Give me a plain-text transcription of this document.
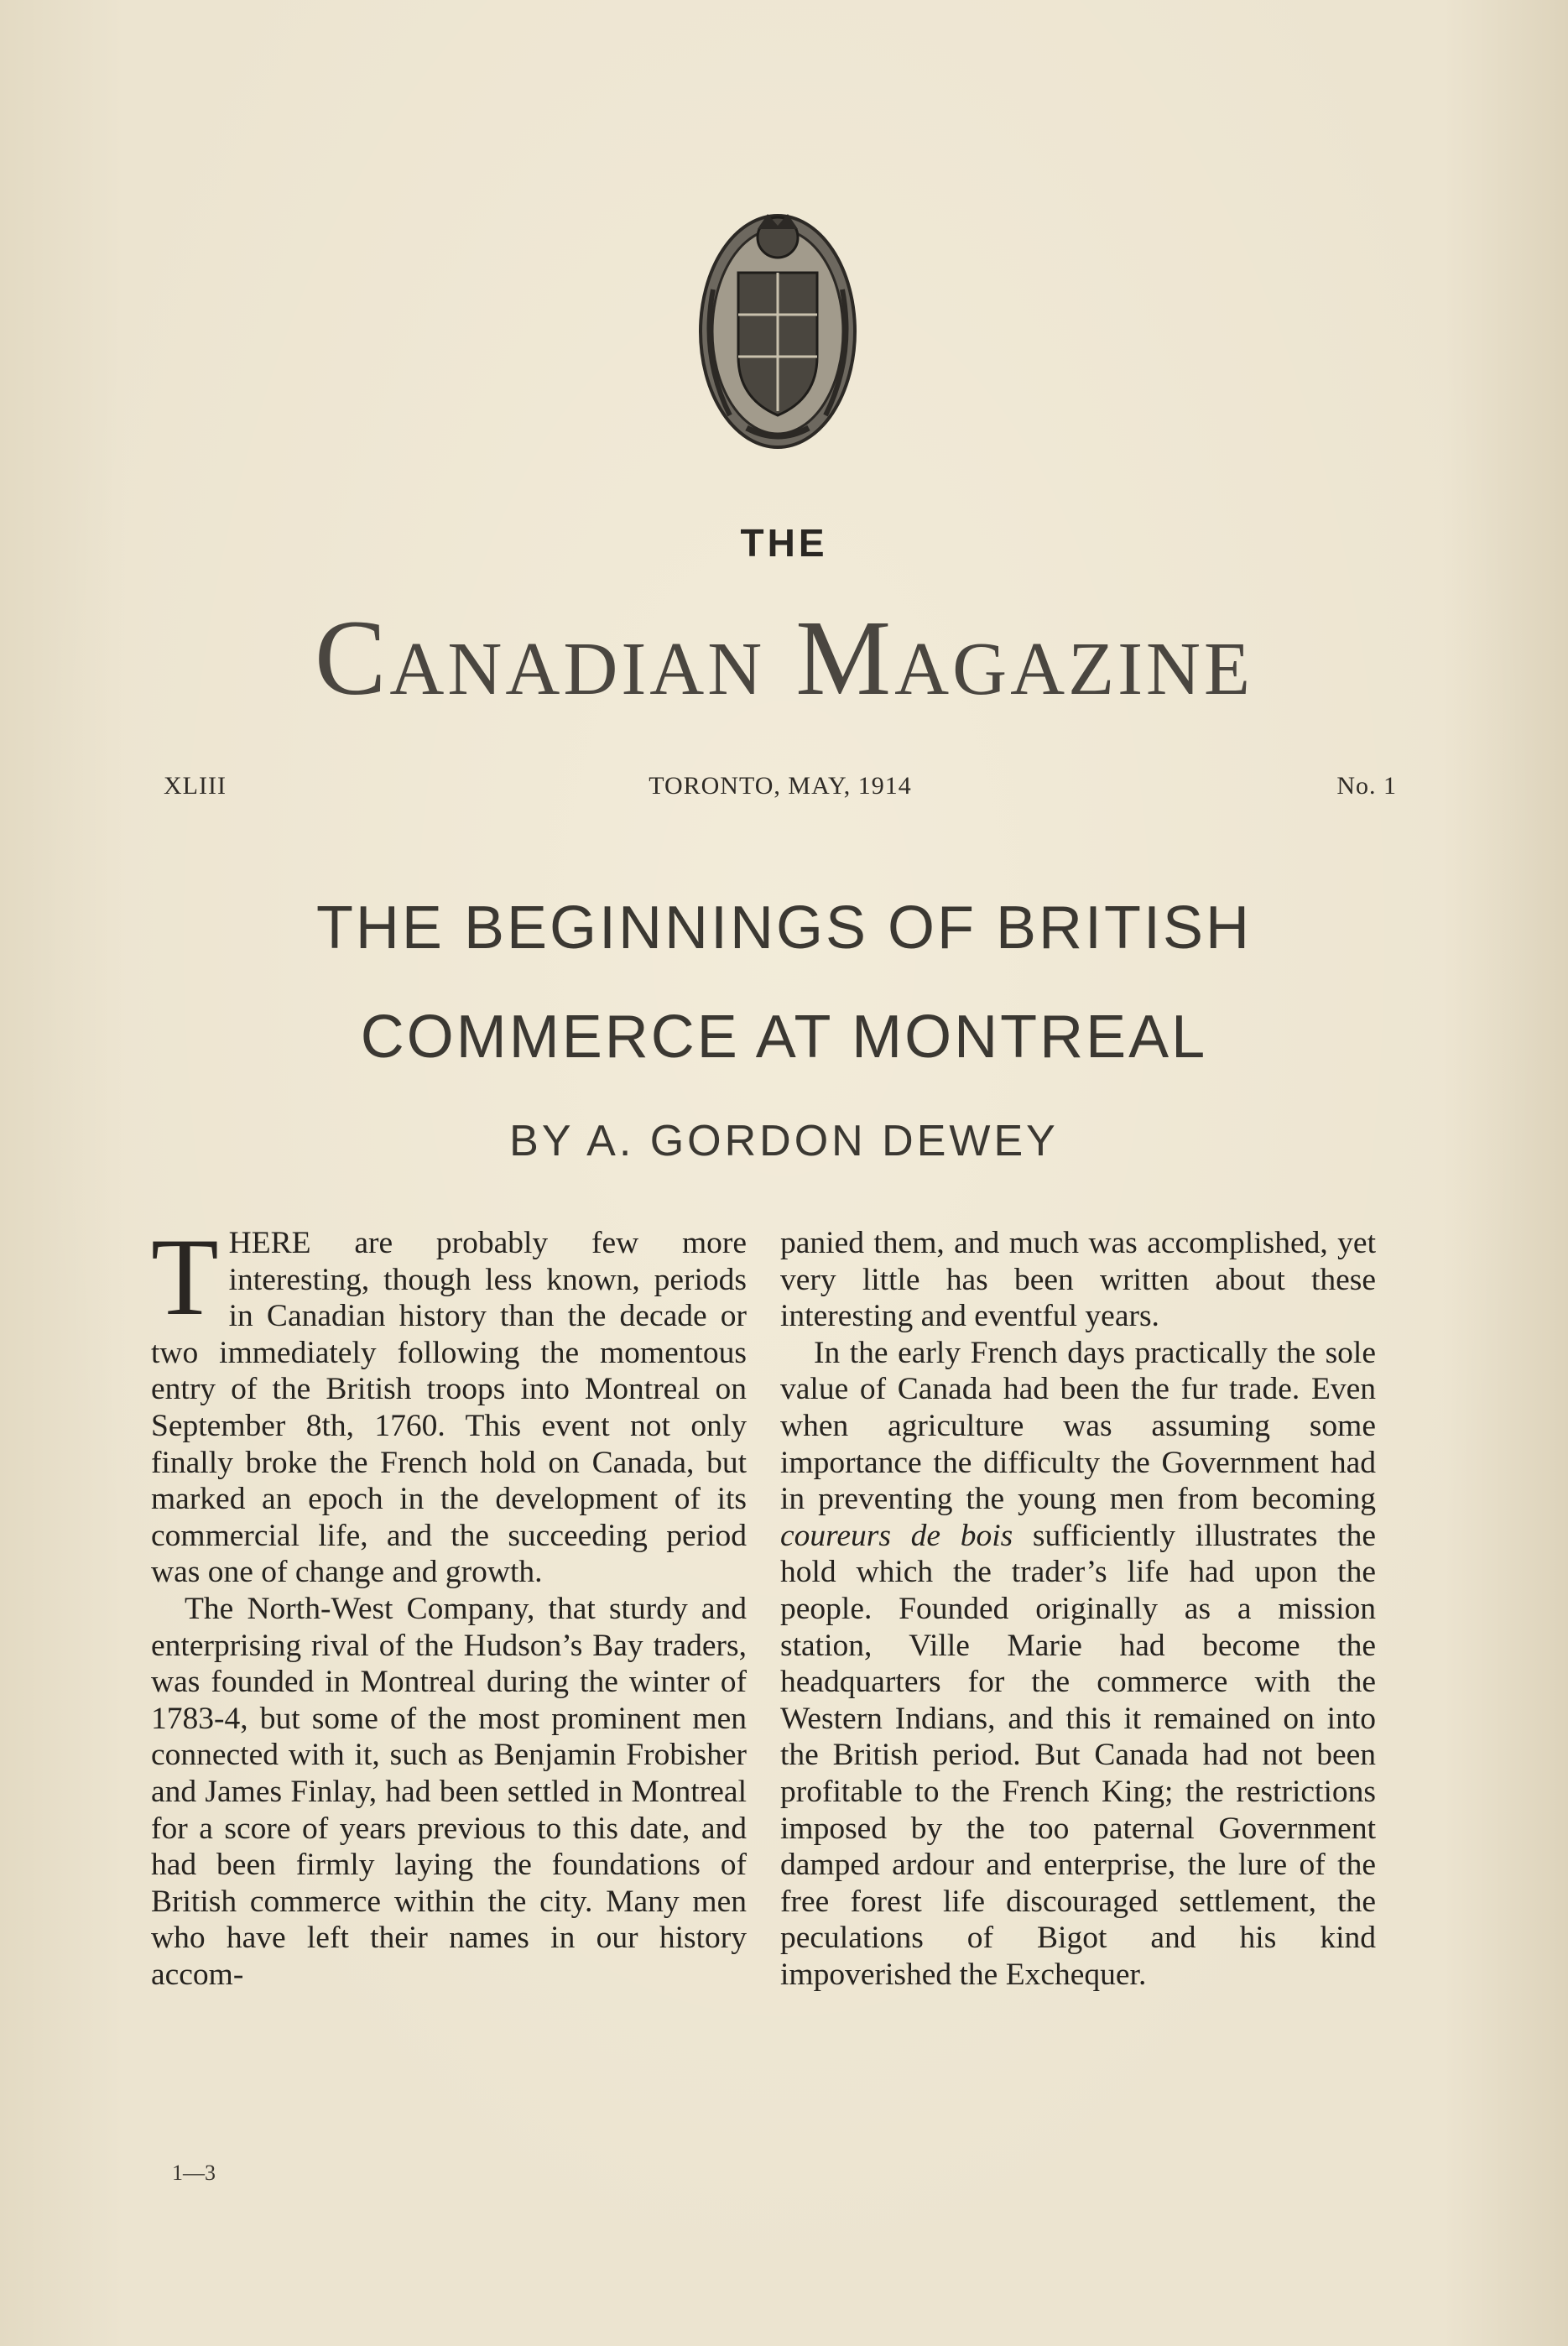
THE
Canadian Magazine
XLIII	TORONTO, MAY, 1914	No. 1
THE BEGINNINGS OF BRITISH
COMMERCE AT MONTREAL
BY A. GORDON DEWEY

THERE are probably few more interesting, though less known, periods in Canadian history than the decade or two immediately following the momentous entry of the British troops into Montreal on September 8th, 1760. This event not only finally broke the French hold on Canada, but marked an epoch in the development of its commercial life, and the succeeding period was one of change and growth.

The North-West Company, that sturdy and enterprising rival of the Hudson’s Bay traders, was founded in Montreal during the winter of 1783-4, but some of the most prominent men connected with it, such as Benjamin Frobisher and James Finlay, had been settled in Montreal for a score of years previous to this date, and had been firmly laying the foundations of British commerce within the city. Many men who have left their names in our history accom-

panied them, and much was accomplished, yet very little has been written about these interesting and eventful years.

In the early French days practically the sole value of Canada had been the fur trade. Even when agriculture was assuming some importance the difficulty the Government had in preventing the young men from becoming coureurs de bois sufficiently illustrates the hold which the trader’s life had upon the people. Founded originally as a mission station, Ville Marie had become the headquarters for the commerce with the Western Indians, and this it remained on into the British period. But Canada had not been profitable to the French King; the restrictions imposed by the too paternal Government damped ardour and enterprise, the lure of the free forest life discouraged settlement, the peculations of Bigot and his kind impoverished the Exchequer.

1—3
